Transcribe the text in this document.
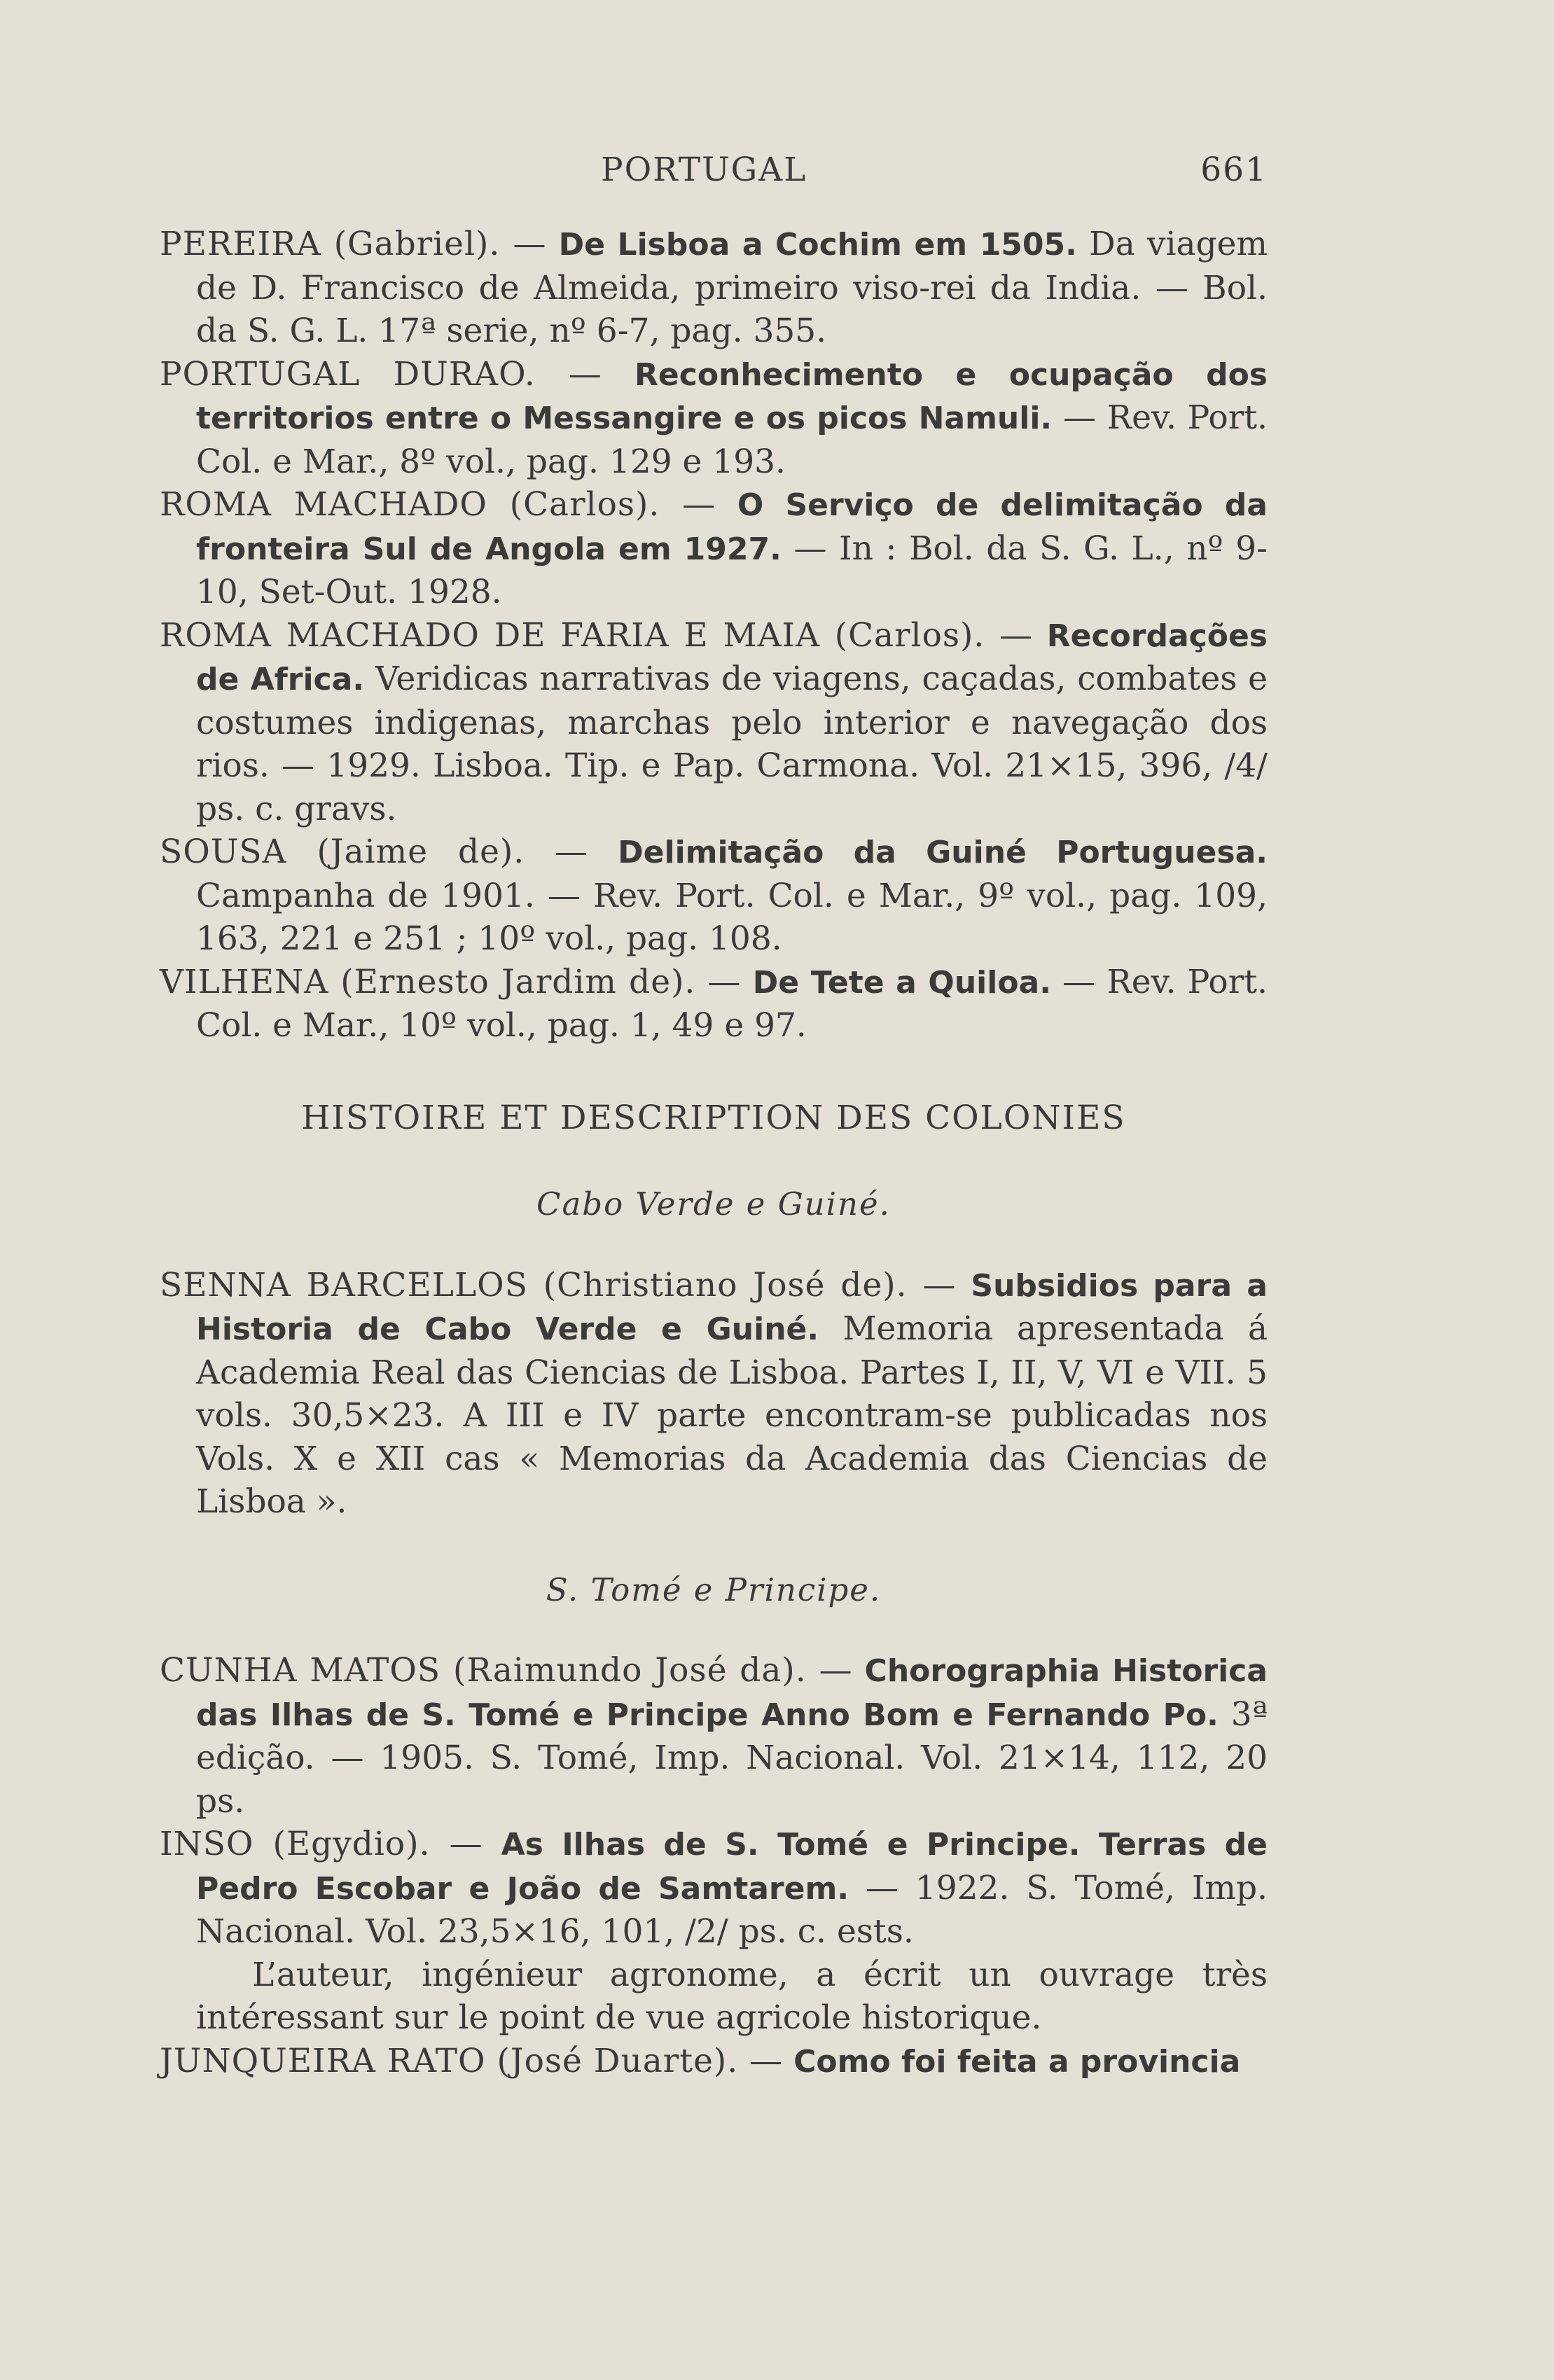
PORTUGAL	661

PEREIRA (Gabriel). — De Lisboa a Cochim em 1505. Da viagem de D. Francisco de Almeida, primeiro viso-rei da India. — Bol. da S. G. L. 17ª serie, nº 6-7, pag. 355.

PORTUGAL DURAO. — Reconhecimento e ocupação dos territorios entre o Messangire e os picos Namuli. — Rev. Port. Col. e Mar., 8º vol., pag. 129 e 193.

ROMA MACHADO (Carlos). — O Serviço de delimitação da fronteira Sul de Angola em 1927. — In : Bol. da S. G. L., nº 9-10, Set-Out. 1928.

ROMA MACHADO DE FARIA E MAIA (Carlos). — Recordações de Africa. Veridicas narrativas de viagens, caçadas, combates e costumes indigenas, marchas pelo interior e navegação dos rios. — 1929. Lisboa. Tip. e Pap. Carmona. Vol. 21×15, 396, /4/ ps. c. gravs.

SOUSA (Jaime de). — Delimitação da Guiné Portuguesa. Campanha de 1901. — Rev. Port. Col. e Mar., 9º vol., pag. 109, 163, 221 e 251 ; 10º vol., pag. 108.

VILHENA (Ernesto Jardim de). — De Tete a Quiloa. — Rev. Port. Col. e Mar., 10º vol., pag. 1, 49 e 97.

HISTOIRE ET DESCRIPTION DES COLONIES
Cabo Verde e Guiné.

SENNA BARCELLOS (Christiano José de). — Subsidios para a Historia de Cabo Verde e Guiné. Memoria apresentada á Academia Real das Ciencias de Lisboa. Partes I, II, V, VI e VII. 5 vols. 30,5×23. A III e IV parte encontram-se publicadas nos Vols. X e XII cas « Memorias da Academia das Ciencias de Lisboa ».

S. Tomé e Principe.

CUNHA MATOS (Raimundo José da). — Chorographia Historica das Ilhas de S. Tomé e Principe Anno Bom e Fernando Po. 3ª edição. — 1905. S. Tomé, Imp. Nacional. Vol. 21×14, 112, 20 ps.

INSO (Egydio). — As Ilhas de S. Tomé e Principe. Terras de Pedro Escobar e João de Samtarem. — 1922. S. Tomé, Imp. Nacional. Vol. 23,5×16, 101, /2/ ps. c. ests.

L’auteur, ingénieur agronome, a écrit un ouvrage très intéressant sur le point de vue agricole historique.

JUNQUEIRA RATO (José Duarte). — Como foi feita a provincia
